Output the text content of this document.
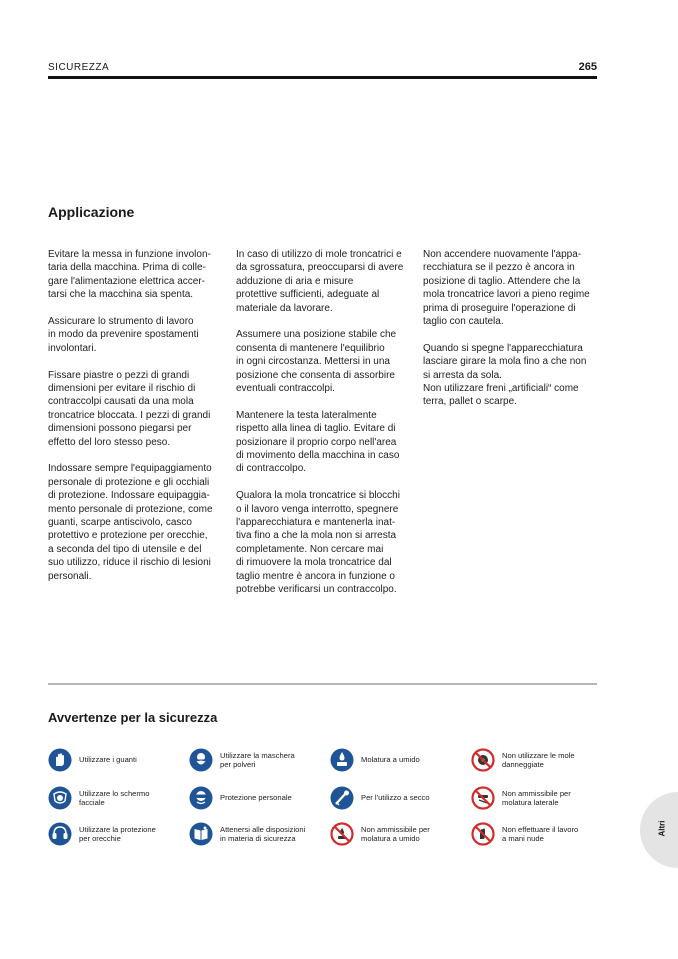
SICUREZZA	265
Applicazione

Evitare la messa in funzione involon-
taria della macchina. Prima di colle-
gare l'alimentazione elettrica accer-
tarsi che la macchina sia spenta.

Assicurare lo strumento di lavoro
in modo da prevenire spostamenti
involontari.

Fissare piastre o pezzi di grandi
dimensioni per evitare il rischio di
contraccolpi causati da una mola
troncatrice bloccata. I pezzi di grandi
dimensioni possono piegarsi per
effetto del loro stesso peso.

Indossare sempre l'equipaggiamento
personale di protezione e gli occhiali
di protezione. Indossare equipaggia-
mento personale di protezione, come
guanti, scarpe antiscivolo, casco
protettivo e protezione per orecchie,
a seconda del tipo di utensile e del
suo utilizzo, riduce il rischio di lesioni
personali.

In caso di utilizzo di mole troncatrici e
da sgrossatura, preoccuparsi di avere
adduzione di aria e misure
protettive sufficienti, adeguate al
materiale da lavorare.

Assumere una posizione stabile che
consenta di mantenere l'equilibrio
in ogni circostanza. Mettersi in una
posizione che consenta di assorbire
eventuali contraccolpi.

Mantenere la testa lateralmente
rispetto alla linea di taglio. Evitare di
posizionare il proprio corpo nell'area
di movimento della macchina in caso
di contraccolpo.

Qualora la mola troncatrice si blocchi
o il lavoro venga interrotto, spegnere
l'apparecchiatura e mantenerla inat-
tiva fino a che la mola non si arresta
completamente. Non cercare mai
di rimuovere la mola troncatrice dal
taglio mentre è ancora in funzione o
potrebbe verificarsi un contraccolpo.

Non accendere nuovamente l'appa-
recchiatura se il pezzo è ancora in
posizione di taglio. Attendere che la
mola troncatrice lavori a pieno regime
prima di proseguire l'operazione di
taglio con cautela.

Quando si spegne l'apparecchiatura
lasciare girare la mola fino a che non
si arresta da sola.
Non utilizzare freni „artificiali“ come
terra, pallet o scarpe.

Avvertenze per la sicurezza
Utilizzare i guanti
Utilizzare lo schermo
facciale
Utilizzare la protezione
per orecchie
Utilizzare la maschera
per polveri
Protezione personale
Attenersi alle disposizioni
in materia di sicurezza
Molatura a umido
Per l'utilizzo a secco
Non ammissibile per
molatura a umido
Non utilizzare le mole
danneggiate
Non ammissibile per
molatura laterale
Non effettuare il lavoro
a mani nude
Altri
